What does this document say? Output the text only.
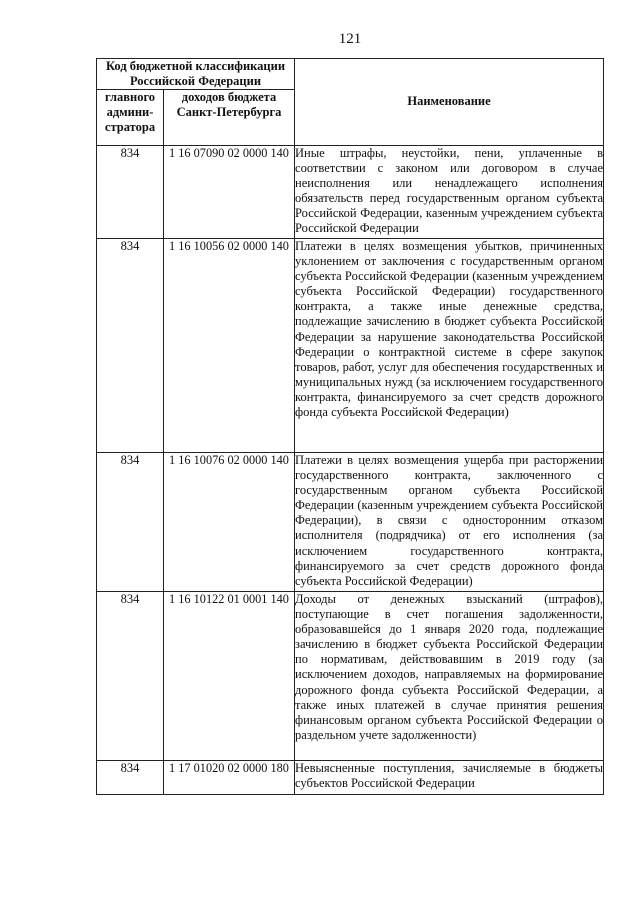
121
Код бюджетной классификации Российской Федерации		Наименование
главного админи-стратора	доходов бюджета Санкт-Петербурга	
834	1 16 07090 02 0000 140	Иные штрафы, неустойки, пени, уплаченные в соответствии с законом или договором в случае неисполнения или ненадлежащего исполнения обязательств перед государственным органом субъекта Российской Федерации, казенным учреждением субъекта Российской Федерации
834	1 16 10056 02 0000 140	Платежи в целях возмещения убытков, причиненных уклонением от заключения с государственным органом субъекта Российской Федерации (казенным учреждением субъекта Российской Федерации) государственного контракта, а также иные денежные средства, подлежащие зачислению в бюджет субъекта Российской Федерации за нарушение законодательства Российской Федерации о контрактной системе в сфере закупок товаров, работ, услуг для обеспечения государственных и муниципальных нужд (за исключением государственного контракта, финансируемого за счет средств дорожного фонда субъекта Российской Федерации)
834	1 16 10076 02 0000 140	Платежи в целях возмещения ущерба при расторжении государственного контракта, заключенного с государственным органом субъекта Российской Федерации (казенным учреждением субъекта Российской Федерации), в связи с односторонним отказом исполнителя (подрядчика) от его исполнения (за исключением государственного контракта, финансируемого за счет средств дорожного фонда субъекта Российской Федерации)
834	1 16 10122 01 0001 140	Доходы от денежных взысканий (штрафов), поступающие в счет погашения задолженности, образовавшейся до 1 января 2020 года, подлежащие зачислению в бюджет субъекта Российской Федерации по нормативам, действовавшим в 2019 году (за исключением доходов, направляемых на формирование дорожного фонда субъекта Российской Федерации, а также иных платежей в случае принятия решения финансовым органом субъекта Российской Федерации о раздельном учете задолженности)
834	1 17 01020 02 0000 180	Невыясненные поступления, зачисляемые в бюджеты субъектов Российской Федерации
